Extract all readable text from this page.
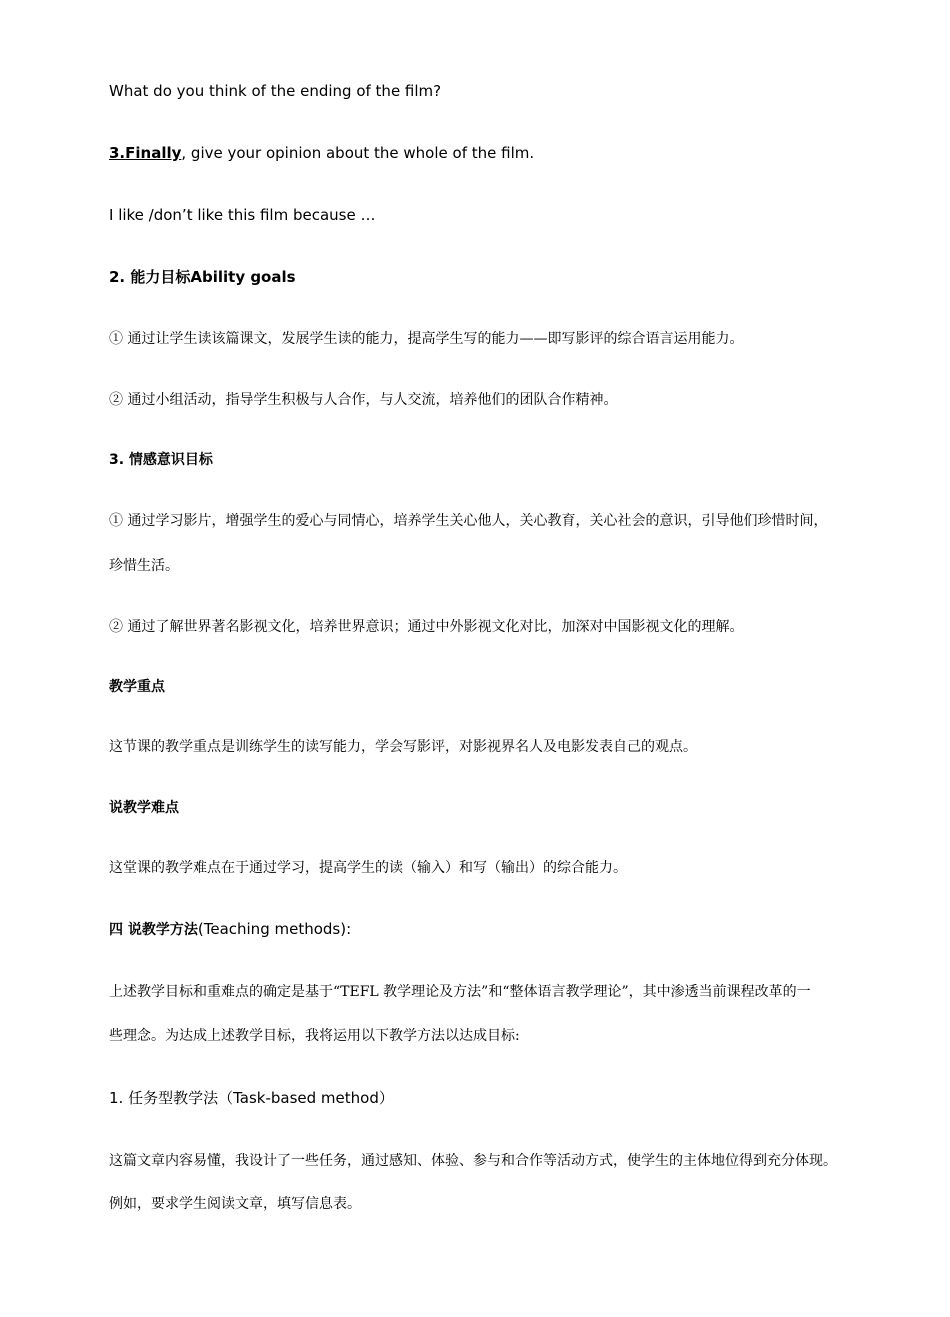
What do you think of the ending of the film?
3.Finally, give your opinion about the whole of the film.
I like /don’t like this film because …
2. 能力目标Ability goals
① 通过让学生读该篇课文，发展学生读的能力，提高学生写的能力——即写影评的综合语言运用能力。
② 通过小组活动，指导学生积极与人合作，与人交流，培养他们的团队合作精神。
3. 情感意识目标
① 通过学习影片，增强学生的爱心与同情心，培养学生关心他人，关心教育，关心社会的意识，引导他们珍惜时间，
珍惜生活。
② 通过了解世界著名影视文化，培养世界意识；通过中外影视文化对比，加深对中国影视文化的理解。
教学重点
这节课的教学重点是训练学生的读写能力，学会写影评，对影视界名人及电影发表自己的观点。
说教学难点
这堂课的教学难点在于通过学习，提高学生的读（输入）和写（输出）的综合能力。
四 说教学方法(Teaching methods):
上述教学目标和重难点的确定是基于“TEFL 教学理论及方法”和“整体语言教学理论”，其中渗透当前课程改革的一
些理念。为达成上述教学目标，我将运用以下教学方法以达成目标:
1. 任务型教学法（Task-based method）
这篇文章内容易懂，我设计了一些任务，通过感知、体验、参与和合作等活动方式，使学生的主体地位得到充分体现。
例如，要求学生阅读文章，填写信息表。
